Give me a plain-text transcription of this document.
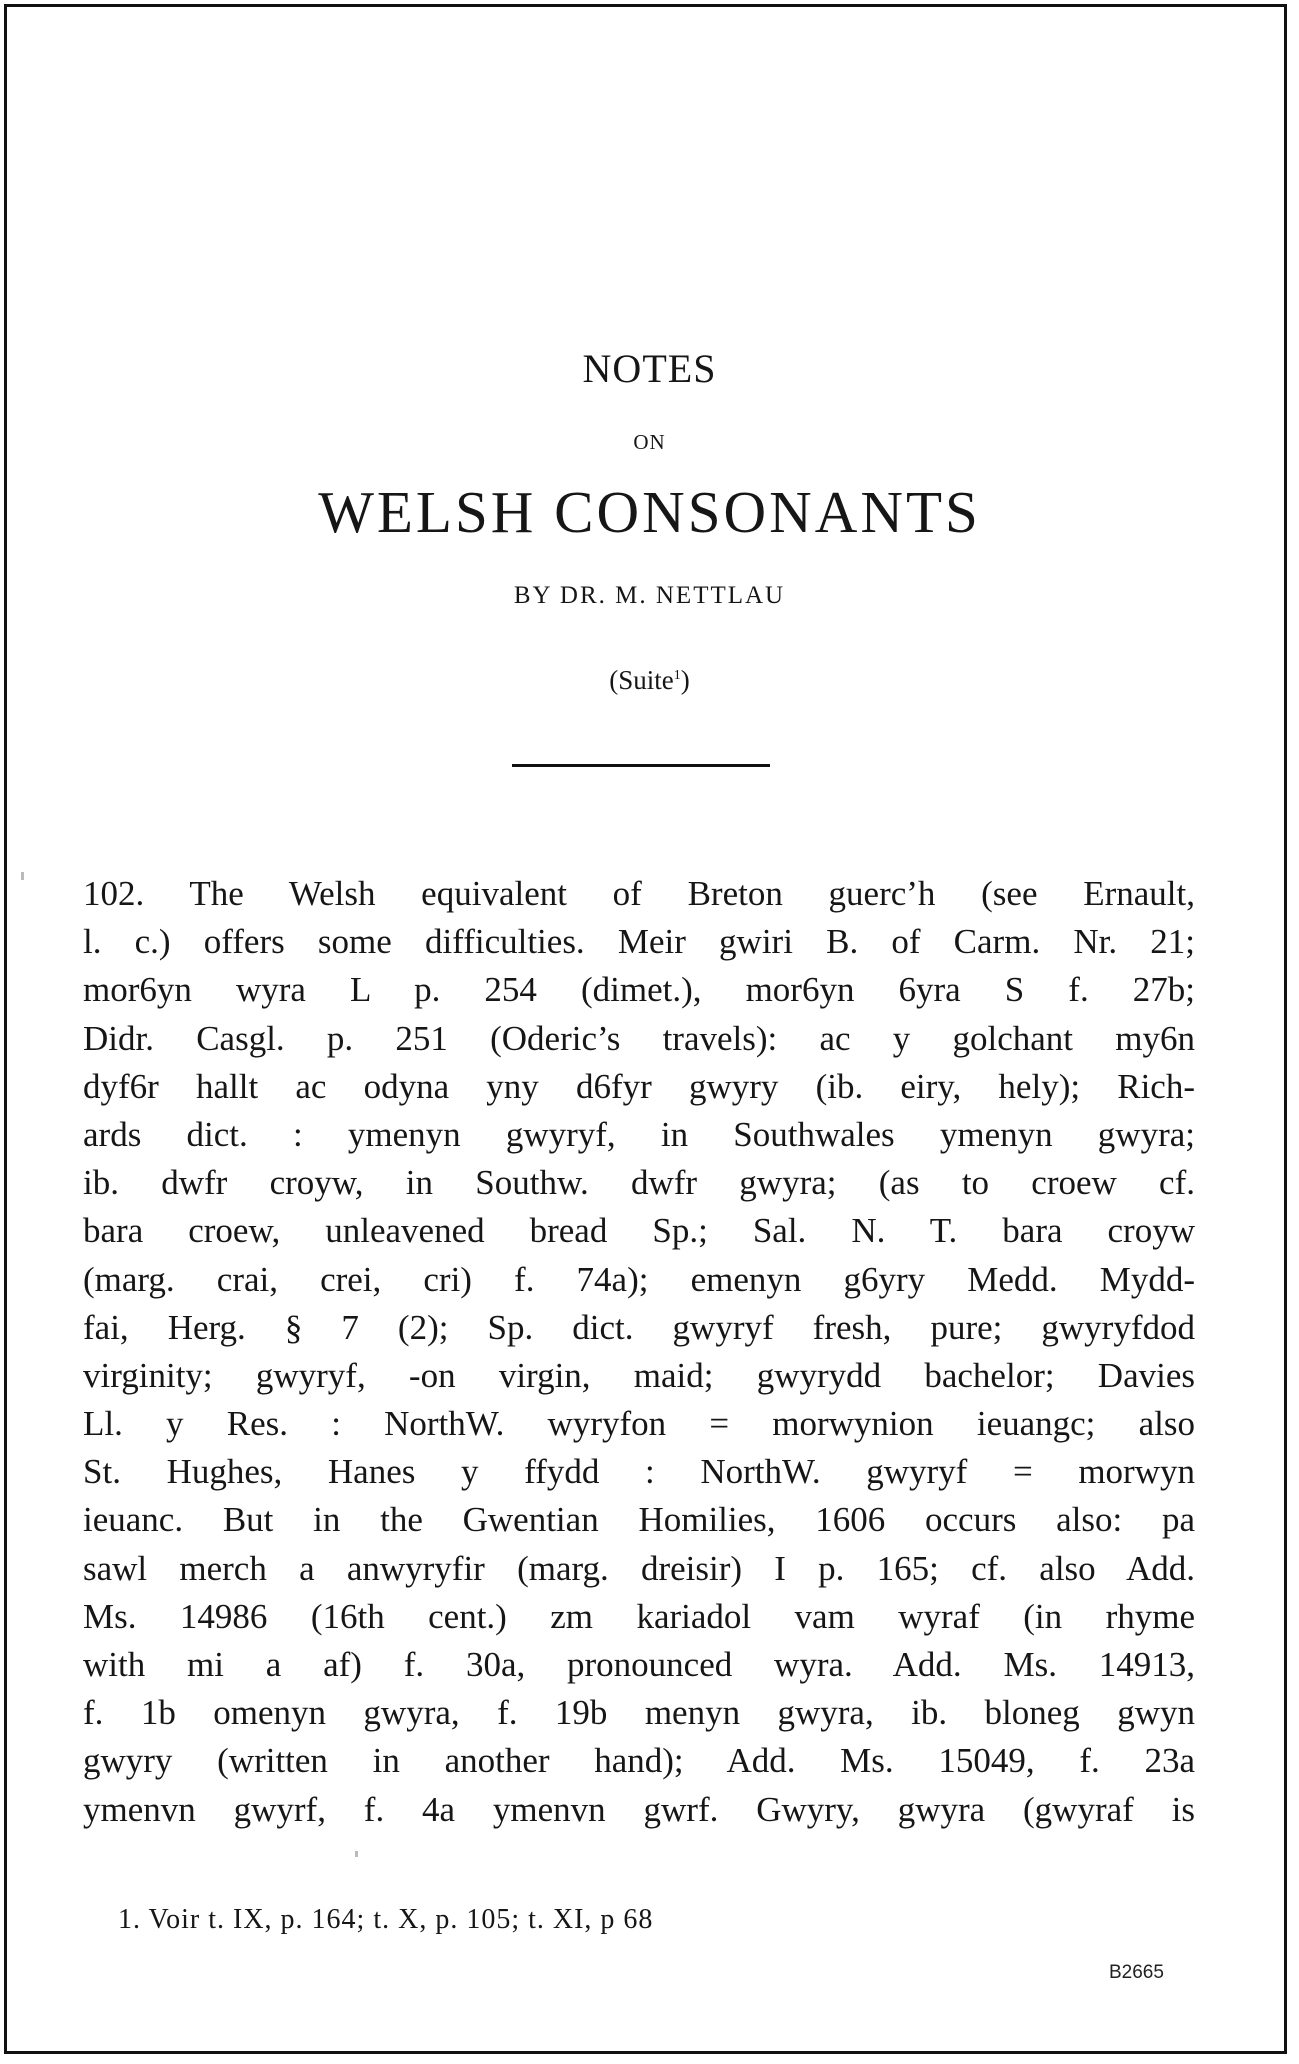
NOTES
ON
WELSH CONSONANTS
BY DR. M. NETTLAU
(Suite$^1$)
102. The Welsh equivalent of Breton guerc’h (see Ernault,
l. c.) offers some difficulties. Meir gwiri B. of Carm. Nr. 21;
mor6yn wyra L p. 254 (dimet.), mor6yn 6yra S f. 27b;
Didr. Casgl. p. 251 (Oderic’s travels): ac y golchant my6n
dyf6r hallt ac odyna yny d6fyr gwyry (ib. eiry, hely); Rich-
ards dict. : ymenyn gwyryf, in Southwales ymenyn gwyra;
ib. dwfr croyw, in Southw. dwfr gwyra; (as to croew cf.
bara croew, unleavened bread Sp.; Sal. N. T. bara croyw
(marg. crai, crei, cri) f. 74a); emenyn g6yry Medd. Mydd-
fai, Herg. § 7 (2); Sp. dict. gwyryf fresh, pure; gwyryfdod
virginity; gwyryf, -on virgin, maid; gwyrydd bachelor; Davies
Ll. y Res. : NorthW. wyryfon = morwynion ieuangc; also
St. Hughes, Hanes y ffydd : NorthW. gwyryf = morwyn
ieuanc. But in the Gwentian Homilies, 1606 occurs also: pa
sawl merch a anwyryfir (marg. dreisir) I p. 165; cf. also Add.
Ms. 14986 (16th cent.) zm kariadol vam wyraf (in rhyme
with mi a af) f. 30a, pronounced wyra. Add. Ms. 14913,
f. 1b omenyn gwyra, f. 19b menyn gwyra, ib. bloneg gwyn
gwyry (written in another hand); Add. Ms. 15049, f. 23a
ymenvn gwyrf, f. 4a ymenvn gwrf. Gwyry, gwyra (gwyraf is
1. Voir t. IX, p. 164; t. X, p. 105; t. XI, p 68
B2665
